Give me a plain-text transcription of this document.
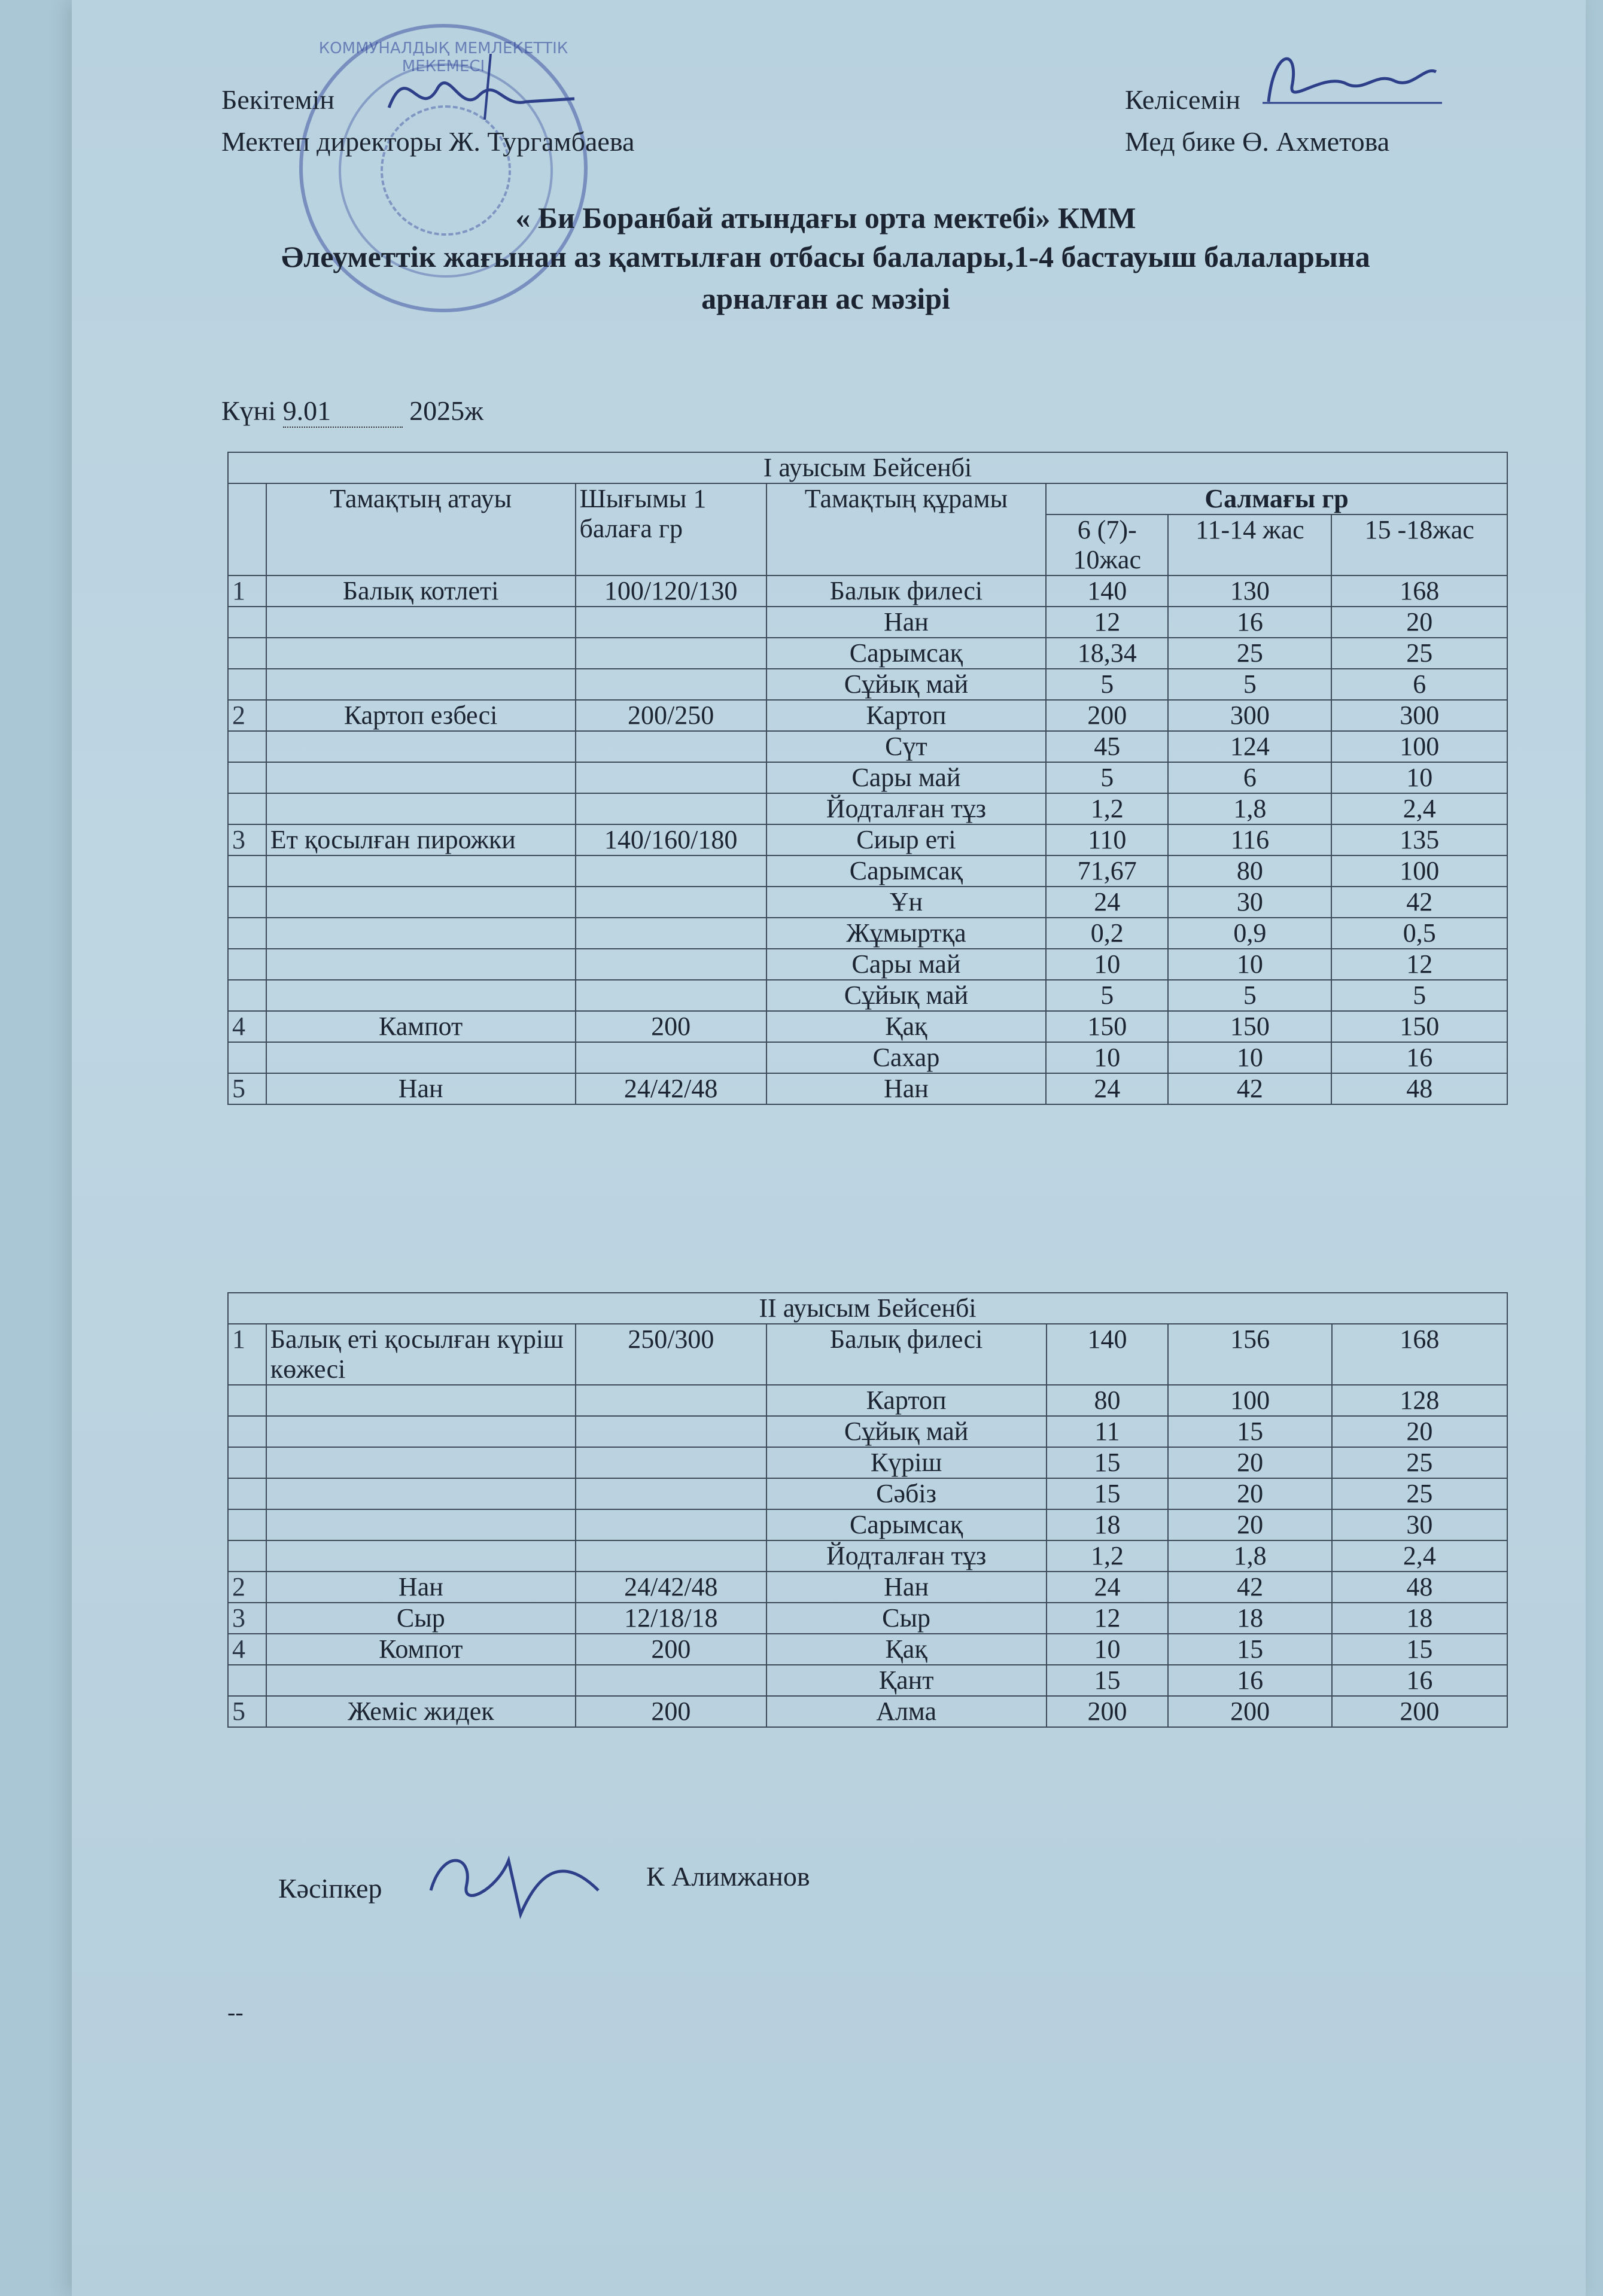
КОММУНАЛДЫҚ МЕМЛЕКЕТТІК МЕКЕМЕСІ
Бекітемін
Мектеп директоры Ж. Тургамбаева
Келісемін
Мед бике Ө. Ахметова
« Би Боранбай атындағы орта мектебі» КММ
Әлеуметтік жағынан аз қамтылған отбасы балалары,1-4 бастауыш балаларына
арналған ас мәзірі
Күні 9.01	2025ж
I ауысым Бейсенбі						
	Тамақтың атауы	Шығымы 1 балаға гр	Тамақтың құрамы	Салмағы гр		
				6 (7)- 10жас	11-14 жас	15 -18жас
1	Балық котлеті	100/120/130	Балык филесі	140	130	168
			Нан	12	16	20
			Сарымсақ	18,34	25	25
			Сұйық май	5	5	6
2	Картоп езбесі	200/250	Картоп	200	300	300
			Сүт	45	124	100
			Сары май	5	6	10
			Йодталған тұз	1,2	1,8	2,4
3	Ет қосылған пирожки	140/160/180	Сиыр еті	110	116	135
			Сарымсақ	71,67	80	100
			Ұн	24	30	42
			Жұмыртқа	0,2	0,9	0,5
			Сары май	10	10	12
			Сұйық май	5	5	5
4	Кампот	200	Қақ	150	150	150
			Сахар	10	10	16
5	Нан	24/42/48	Нан	24	42	48
II ауысым Бейсенбі						
1	Балық еті қосылған күріш көжесі	250/300	Балық филесі	140	156	168
			Картоп	80	100	128
			Сұйық май	11	15	20
			Күріш	15	20	25
			Сәбіз	15	20	25
			Сарымсақ	18	20	30
			Йодталған тұз	1,2	1,8	2,4
2	Нан	24/42/48	Нан	24	42	48
3	Сыр	12/18/18	Сыр	12	18	18
4	Компот	200	Қақ	10	15	15
			Қант	15	16	16
5	Жеміс жидек	200	Алма	200	200	200
Кәсіпкер	К Алимжанов
--
